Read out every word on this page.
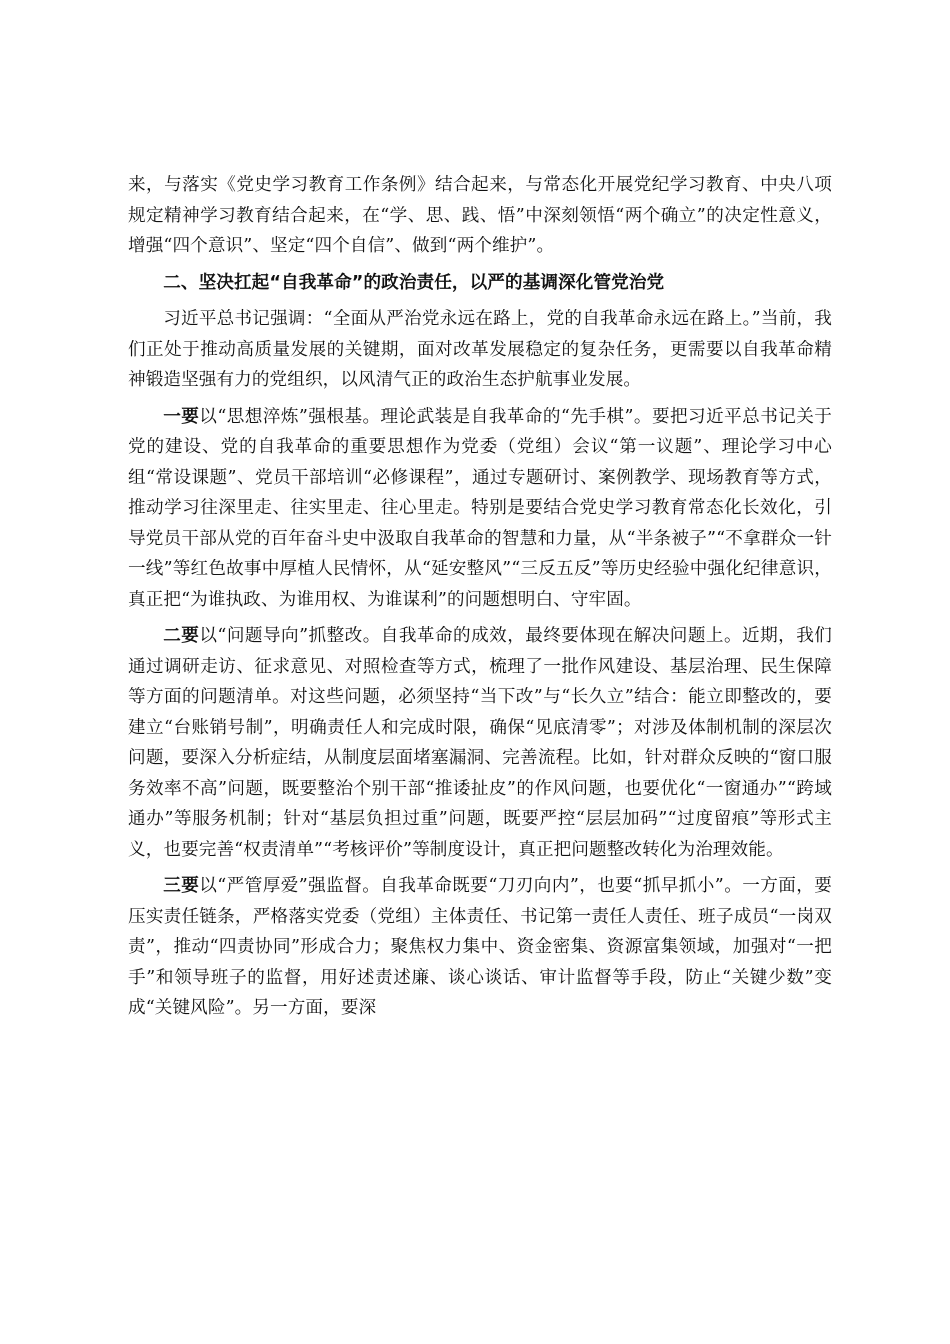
来，与落实《党史学习教育工作条例》结合起来，与常态化开展党纪学习教育、中央八项规定精神学习教育结合起来，在“学、思、践、悟”中深刻领悟“两个确立”的决定性意义，增强“四个意识”、坚定“四个自信”、做到“两个维护”。

二、坚决扛起“自我革命”的政治责任，以严的基调深化管党治党

习近平总书记强调：“全面从严治党永远在路上，党的自我革命永远在路上。”当前，我们正处于推动高质量发展的关键期，面对改革发展稳定的复杂任务，更需要以自我革命精神锻造坚强有力的党组织，以风清气正的政治生态护航事业发展。

一要以“思想淬炼”强根基。理论武装是自我革命的“先手棋”。要把习近平总书记关于党的建设、党的自我革命的重要思想作为党委（党组）会议“第一议题”、理论学习中心组“常设课题”、党员干部培训“必修课程”，通过专题研讨、案例教学、现场教育等方式，推动学习往深里走、往实里走、往心里走。特别是要结合党史学习教育常态化长效化，引导党员干部从党的百年奋斗史中汲取自我革命的智慧和力量，从“半条被子”“不拿群众一针一线”等红色故事中厚植人民情怀，从“延安整风”“三反五反”等历史经验中强化纪律意识，真正把“为谁执政、为谁用权、为谁谋利”的问题想明白、守牢固。

二要以“问题导向”抓整改。自我革命的成效，最终要体现在解决问题上。近期，我们通过调研走访、征求意见、对照检查等方式，梳理了一批作风建设、基层治理、民生保障等方面的问题清单。对这些问题，必须坚持“当下改”与“长久立”结合：能立即整改的，要建立“台账销号制”，明确责任人和完成时限，确保“见底清零”；对涉及体制机制的深层次问题，要深入分析症结，从制度层面堵塞漏洞、完善流程。比如，针对群众反映的“窗口服务效率不高”问题，既要整治个别干部“推诿扯皮”的作风问题，也要优化“一窗通办”“跨域通办”等服务机制；针对“基层负担过重”问题，既要严控“层层加码”“过度留痕”等形式主义，也要完善“权责清单”“考核评价”等制度设计，真正把问题整改转化为治理效能。

三要以“严管厚爱”强监督。自我革命既要“刀刃向内”，也要“抓早抓小”。一方面，要压实责任链条，严格落实党委（党组）主体责任、书记第一责任人责任、班子成员“一岗双责”，推动“四责协同”形成合力；聚焦权力集中、资金密集、资源富集领域，加强对“一把手”和领导班子的监督，用好述责述廉、谈心谈话、审计监督等手段，防止“关键少数”变成“关键风险”。另一方面，要深
